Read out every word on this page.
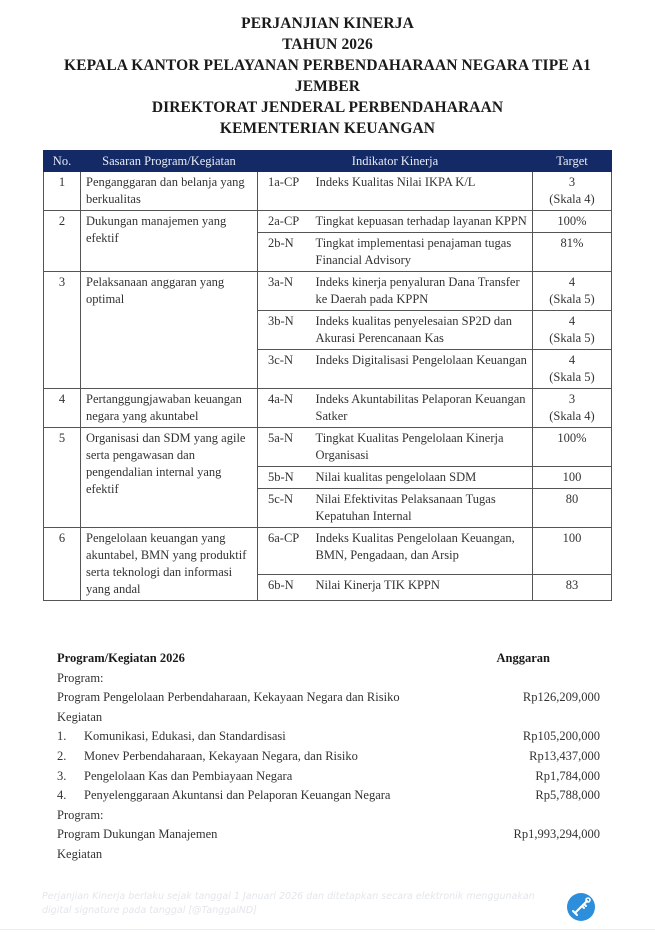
PERJANJIAN KINERJA
TAHUN 2026
KEPALA KANTOR PELAYANAN PERBENDAHARAAN NEGARA TIPE A1
JEMBER
DIREKTORAT JENDERAL PERBENDAHARAAN
KEMENTERIAN KEUANGAN
No.	Sasaran Program/Kegiatan	Indikator Kinerja		Target
1	Penganggaran dan belanja yang berkualitas	1a-CP	Indeks Kualitas Nilai IKPA K/L	3
(Skala 4)

2	Dukungan manajemen yang efektif	2a-CP	Tingkat kepuasan terhadap layanan KPPN	100%

		2b-N	Tingkat implementasi penajaman tugas Financial Advisory	81%

3	Pelaksanaan anggaran yang optimal	3a-N	Indeks kinerja penyaluran Dana Transfer ke Daerah pada KPPN	4
(Skala 5)

		3b-N	Indeks kualitas penyelesaian SP2D dan Akurasi Perencanaan Kas	4
(Skala 5)

		3c-N	Indeks Digitalisasi Pengelolaan Keuangan	4
(Skala 5)

4	Pertanggungjawaban keuangan negara yang akuntabel	4a-N	Indeks Akuntabilitas Pelaporan Keuangan Satker	3
(Skala 4)

5	Organisasi dan SDM yang agile serta pengawasan dan pengendalian internal yang efektif	5a-N	Tingkat Kualitas Pengelolaan Kinerja Organisasi	100%

		5b-N	Nilai kualitas pengelolaan SDM	100

		5c-N	Nilai Efektivitas Pelaksanaan Tugas Kepatuhan Internal	80

6	Pengelolaan keuangan yang akuntabel, BMN yang produktif serta teknologi dan informasi yang andal	6a-CP	Indeks Kualitas Pengelolaan Keuangan, BMN, Pengadaan, dan Arsip	100

		6b-N	Nilai Kinerja TIK KPPN	83
Program/Kegiatan 2026	Anggaran
Program:
Program Pengelolaan Perbendaharaan, Kekayaan Negara dan Risiko	Rp126,209,000
Kegiatan
1.	Komunikasi, Edukasi, dan Standardisasi	Rp105,200,000
2.	Monev Perbendaharaan, Kekayaan Negara, dan Risiko	Rp13,437,000
3.	Pengelolaan Kas dan Pembiayaan Negara	Rp1,784,000
4.	Penyelenggaraan Akuntansi dan Pelaporan Keuangan Negara	Rp5,788,000
Program:
Program Dukungan Manajemen	Rp1,993,294,000
Kegiatan
Perjanjian Kinerja berlaku sejak tanggal 1 Januari 2026 dan ditetapkan secara elektronik menggunakan digital signature pada tanggal [@TanggalND]
